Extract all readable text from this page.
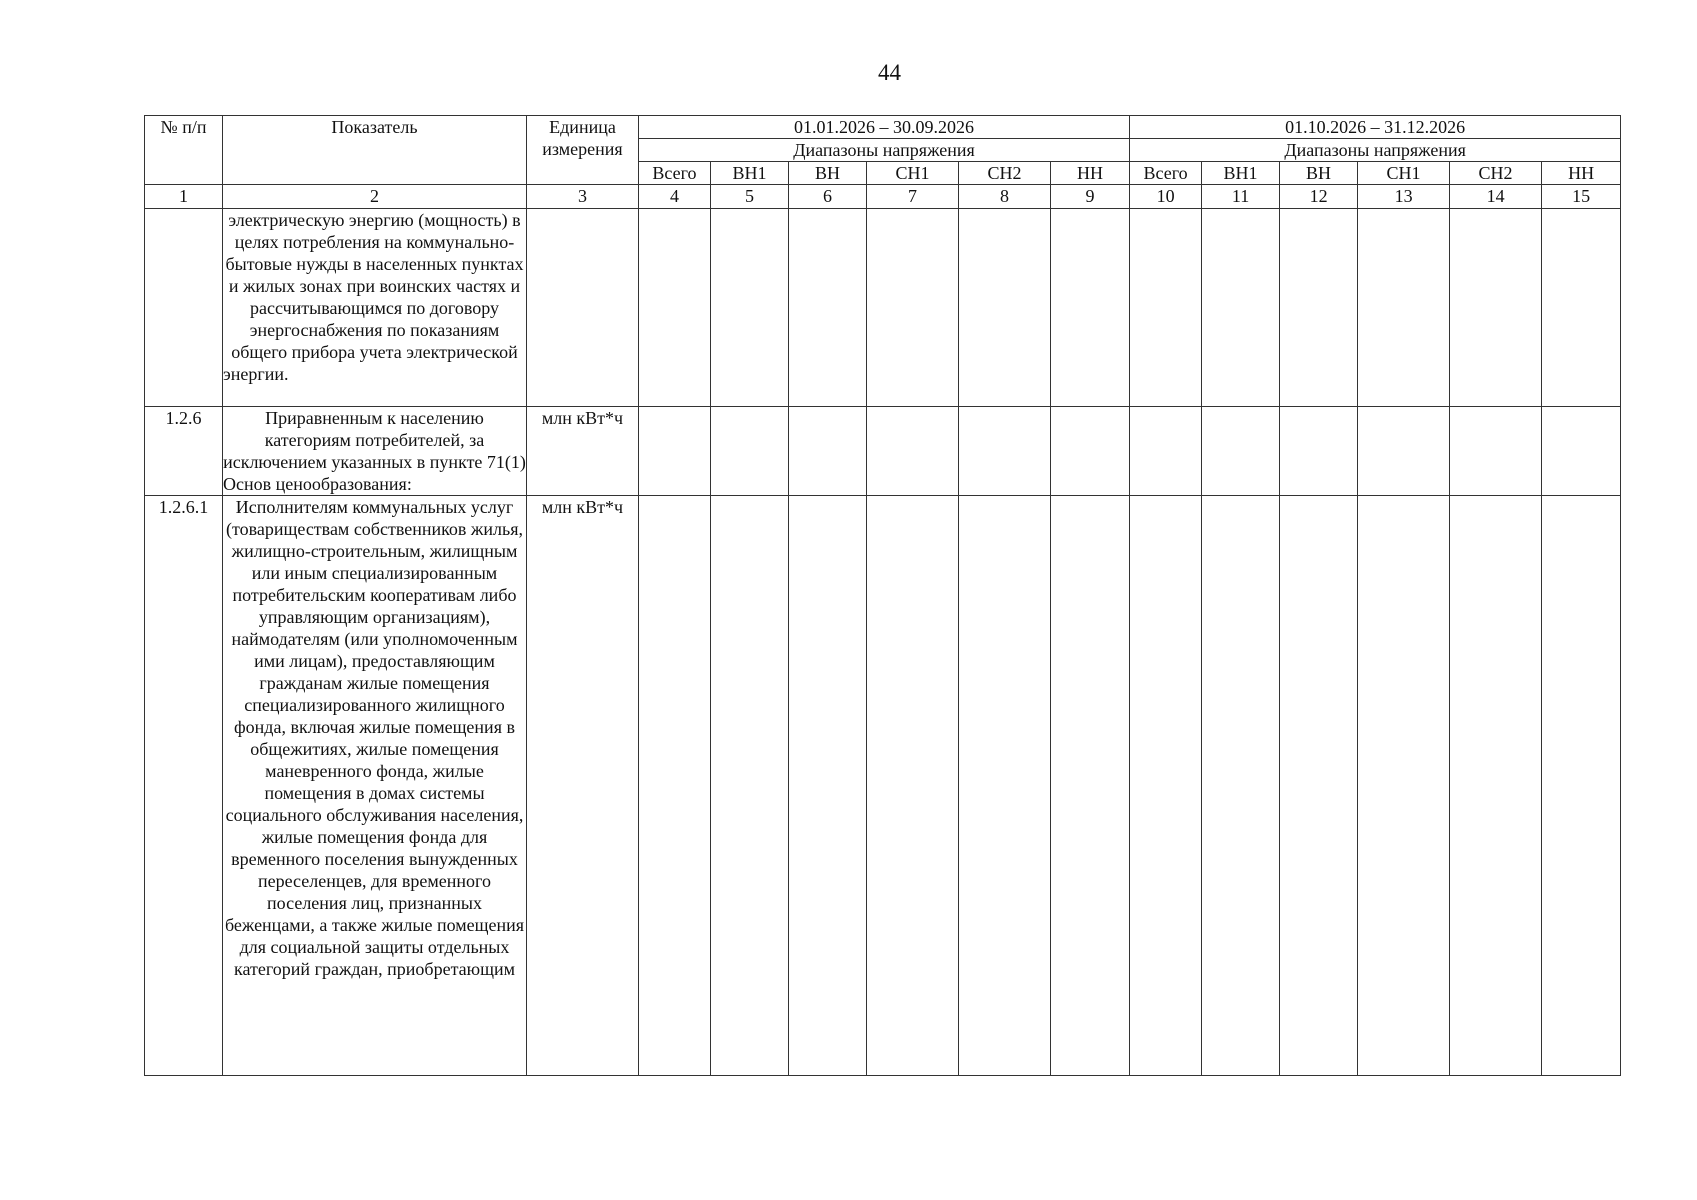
44
№ п/п	Показатель	Единица измерения	01.01.2026 – 30.09.2026						01.10.2026 – 31.12.2026					
			Диапазоны напряжения						Диапазоны напряжения					
			Всего	ВН1	ВН	СН1	СН2	НН	Всего	ВН1	ВН	СН1	СН2	НН
1	2	3	4	5	6	7	8	9	10	11	12	13	14	15

	электрическую энергию (мощность) в целях потребления на коммунально-бытовые нужды в населенных пунктах и жилых зонах при воинских частях и рассчитывающимся по договору энергоснабжения по показаниям общего прибора учета электрической энергии.													

1.2.6	Приравненным к населению категориям потребителей, за исключением указанных в пункте 71(1) Основ ценообразования:	млн кВт*ч												
1.2.6.1	Исполнителям коммунальных услуг (товариществам собственников жилья, жилищно-строительным, жилищным или иным специализированным потребительским кооперативам либо управляющим организациям), наймодателям (или уполномоченным ими лицам), предоставляющим гражданам жилые помещения специализированного жилищного фонда, включая жилые помещения в общежитиях, жилые помещения маневренного фонда, жилые помещения в домах системы социального обслуживания населения, жилые помещения фонда для временного поселения вынужденных переселенцев, для временного поселения лиц, признанных беженцами, а также жилые помещения для социальной защиты отдельных категорий граждан, приобретающим	млн кВт*ч												
